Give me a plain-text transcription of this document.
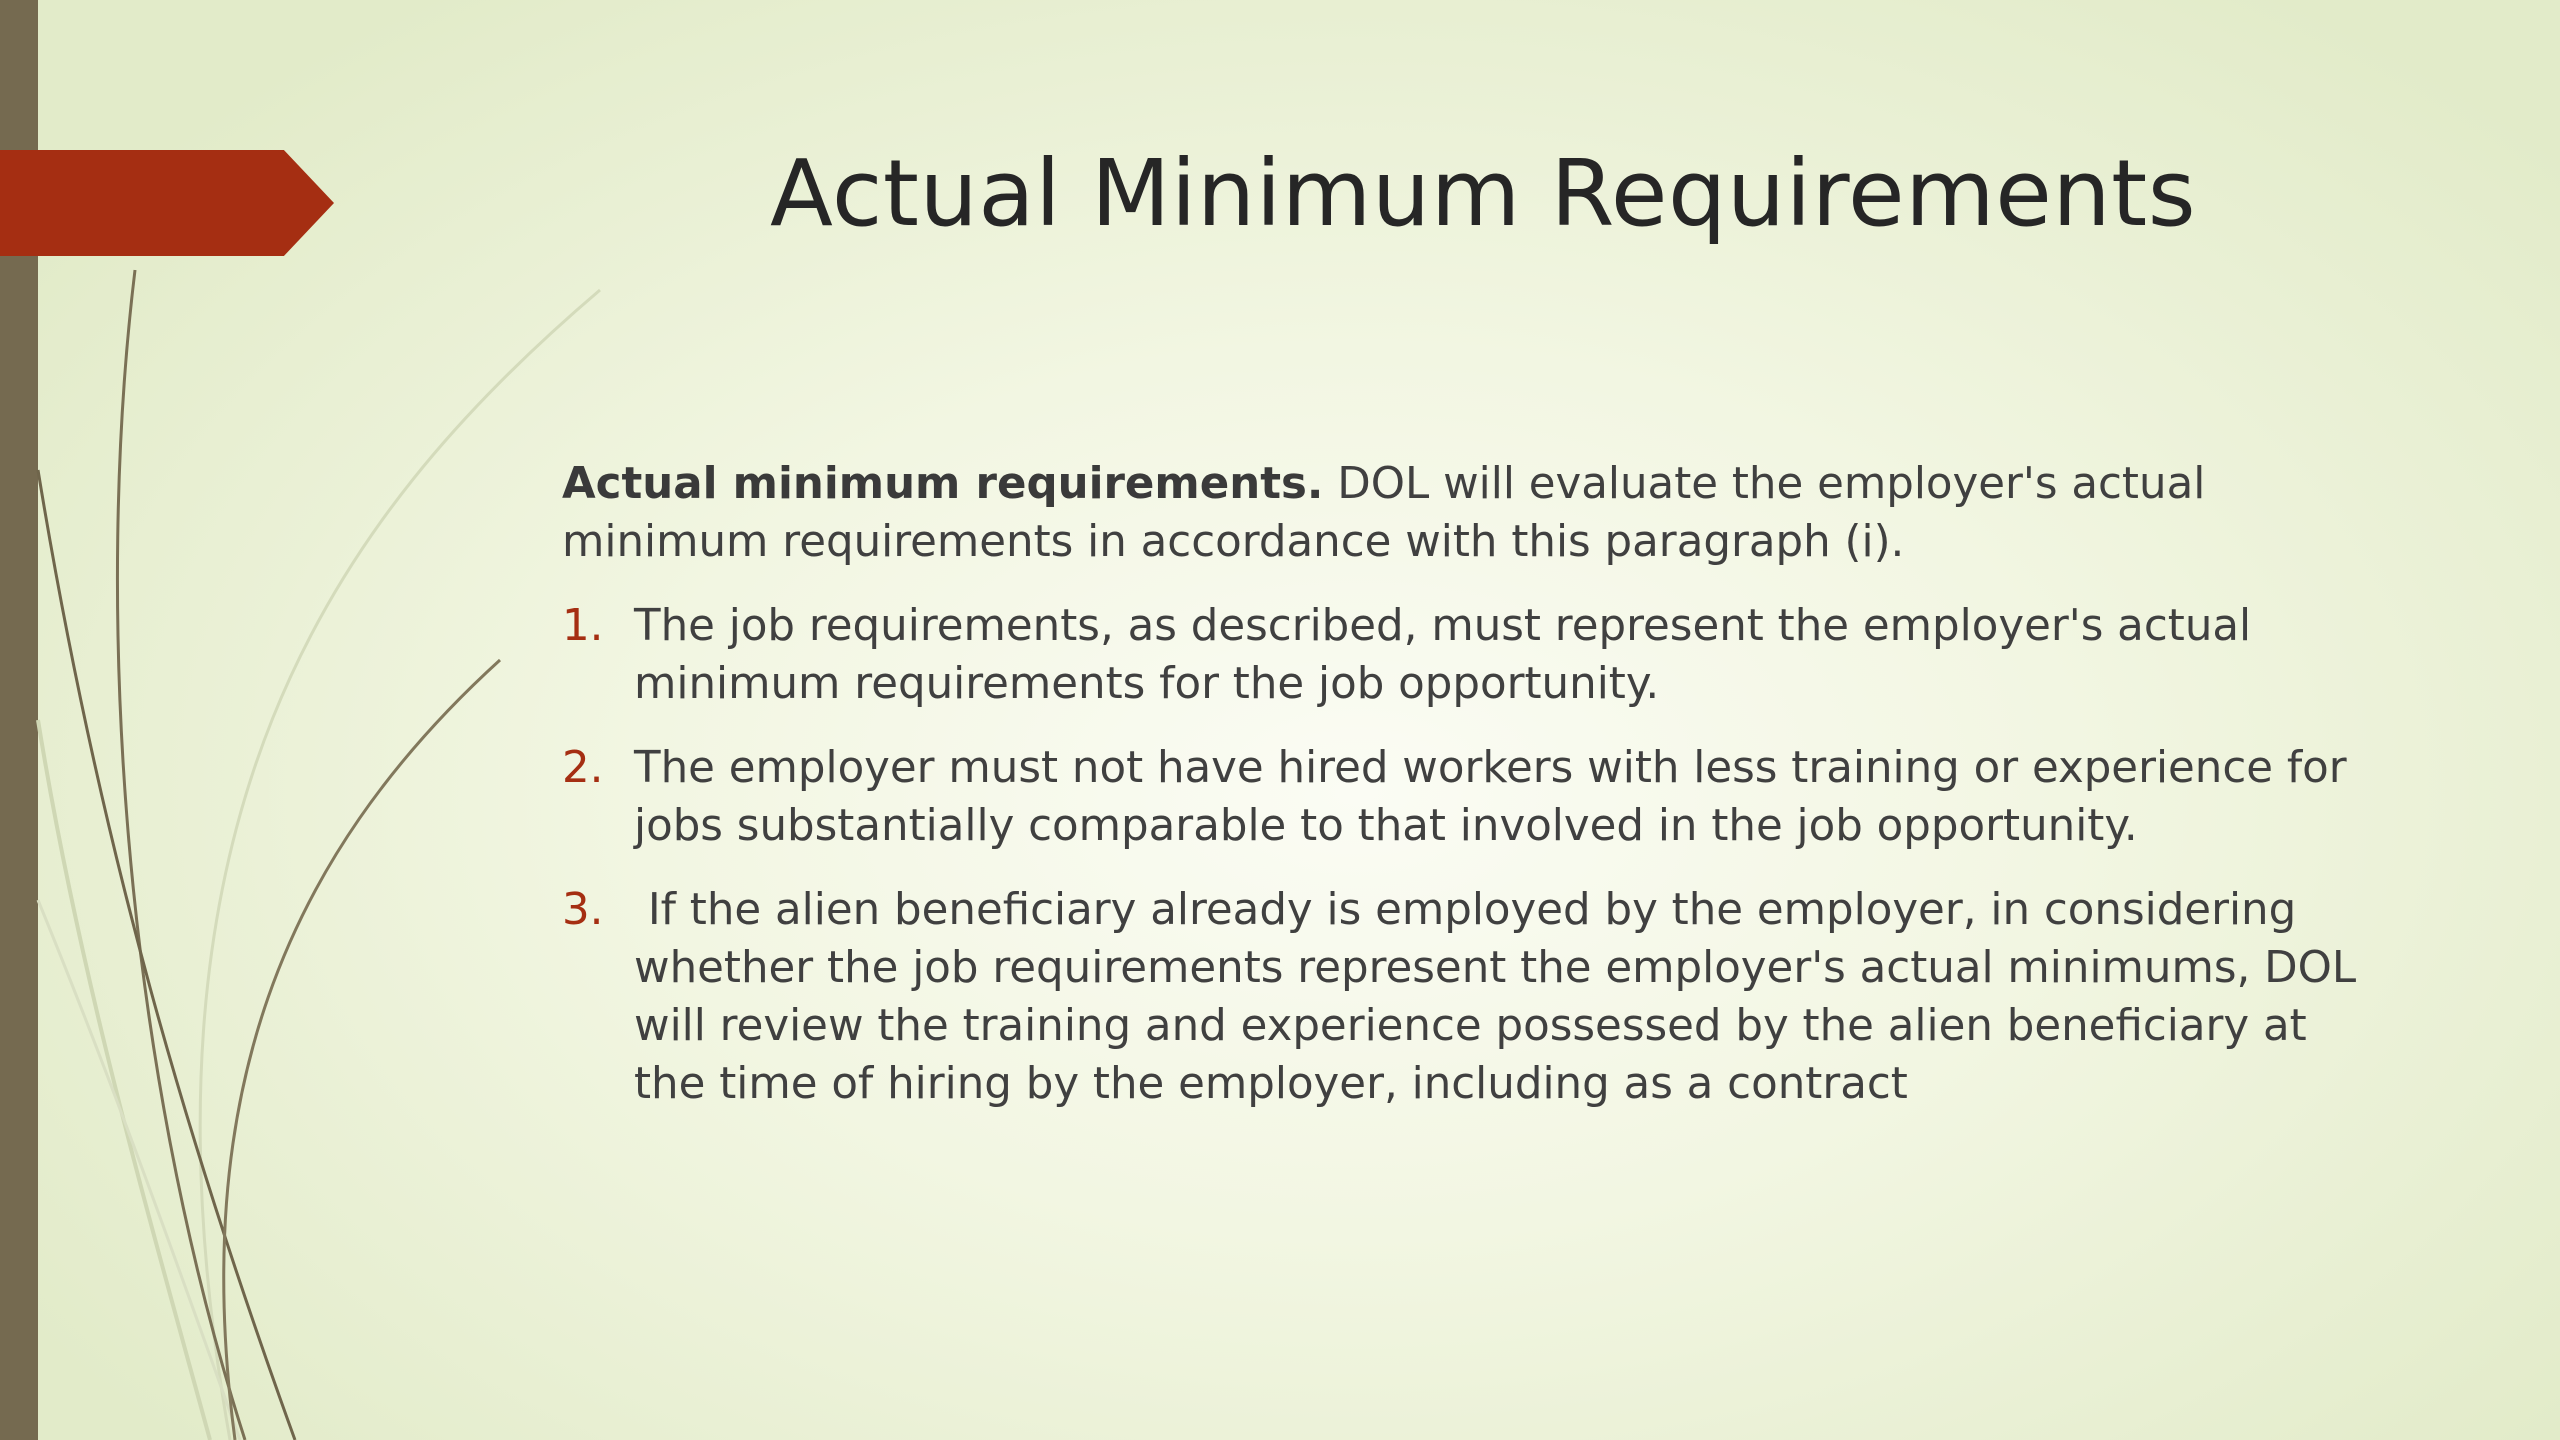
Actual Minimum Requirements

Actual minimum requirements. DOL will evaluate the employer's actual minimum requirements in accordance with this paragraph (i).

1. The job requirements, as described, must represent the employer's actual minimum requirements for the job opportunity.
2. The employer must not have hired workers with less training or experience for jobs substantially comparable to that involved in the job opportunity.
3. If the alien beneficiary already is employed by the employer, in considering whether the job requirements represent the employer's actual minimums, DOL will review the training and experience possessed by the alien beneficiary at the time of hiring by the employer, including as a contract
